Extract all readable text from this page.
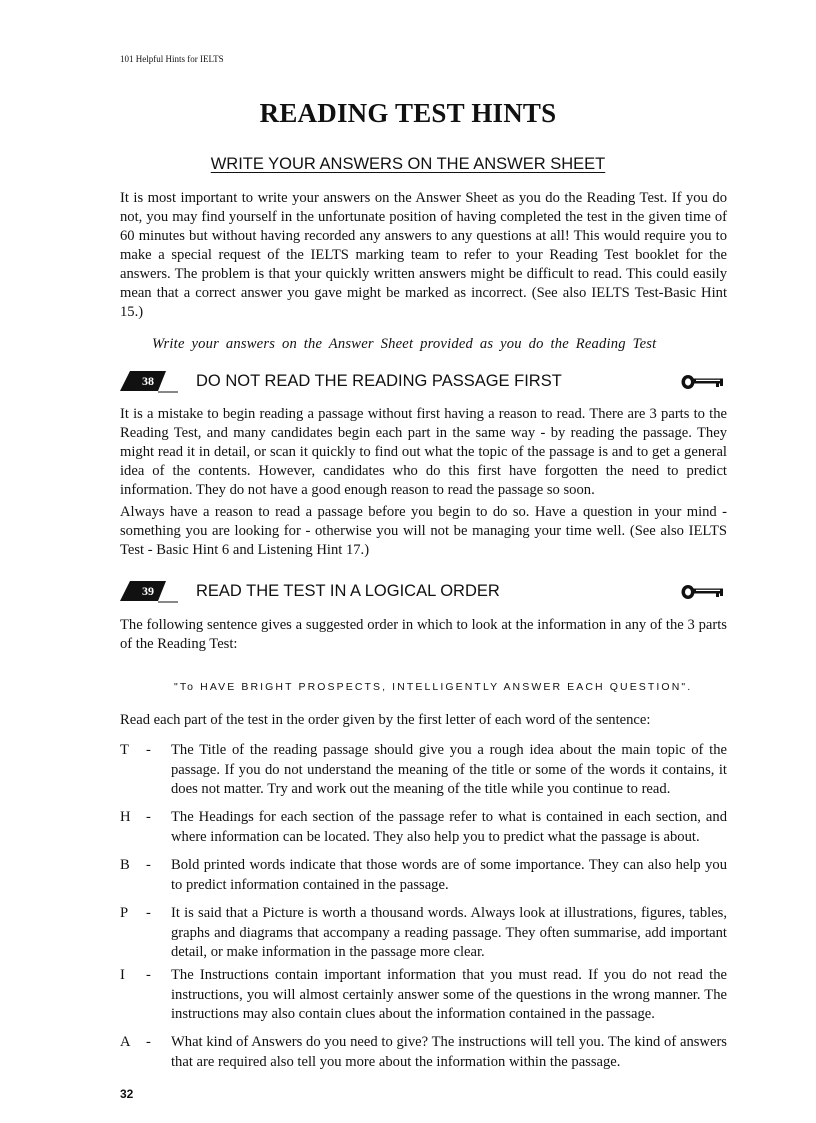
101 Helpful Hints for IELTS
READING TEST HINTS
WRITE YOUR ANSWERS ON THE ANSWER SHEET

It is most important to write your answers on the Answer Sheet as you do the Reading Test. If you do not, you may find yourself in the unfortunate position of having completed the test in the given time of 60 minutes but without having recorded any answers to any questions at all! This would require you to make a special request of the IELTS marking team to refer to your Reading Test booklet for the answers. The problem is that your quickly written answers might be difficult to read. This could easily mean that a correct answer you gave might be marked as incorrect. (See also IELTS Test-Basic Hint 15.)

Write your answers on the Answer Sheet provided as you do the Reading Test
38	DO NOT READ THE READING PASSAGE FIRST

It is a mistake to begin reading a passage without first having a reason to read. There are 3 parts to the Reading Test, and many candidates begin each part in the same way - by reading the passage. They might read it in detail, or scan it quickly to find out what the topic of the passage is and to get a general idea of the contents. However, candidates who do this first have forgotten the need to predict information. They do not have a good enough reason to read the passage so soon.

Always have a reason to read a passage before you begin to do so. Have a question in your mind - something you are looking for - otherwise you will not be managing your time well. (See also IELTS Test - Basic Hint 6 and Listening Hint 17.)

39	READ THE TEST IN A LOGICAL ORDER

The following sentence gives a suggested order in which to look at the information in any of the 3 parts of the Reading Test:

"To HAVE BRIGHT PROSPECTS, INTELLIGENTLY ANSWER EACH QUESTION".

Read each part of the test in the order given by the first letter of each word of the sentence:

T	- The Title of the reading passage should give you a rough idea about the main topic of the passage. If you do not understand the meaning of the title or some of the words it contains, it does not matter. Try and work out the meaning of the title while you continue to read.
H - The Headings for each section of the passage refer to what is contained in each section, and where information can be located. They also help you to predict what the passage is about.
B - Bold printed words indicate that those words are of some importance. They can also help you to predict information contained in the passage.
P	- It is said that a Picture is worth a thousand words. Always look at illustrations, figures, tables, graphs and diagrams that accompany a reading passage. They often summarise, add important detail, or make information in the passage more clear.
I	- The Instructions contain important information that you must read. If you do not read the instructions, you will almost certainly answer some of the questions in the wrong manner. The instructions may also contain clues about the information contained in the passage.
A - What kind of Answers do you need to give? The instructions will tell you. The kind of answers that are required also tell you more about the information within the passage.
32
